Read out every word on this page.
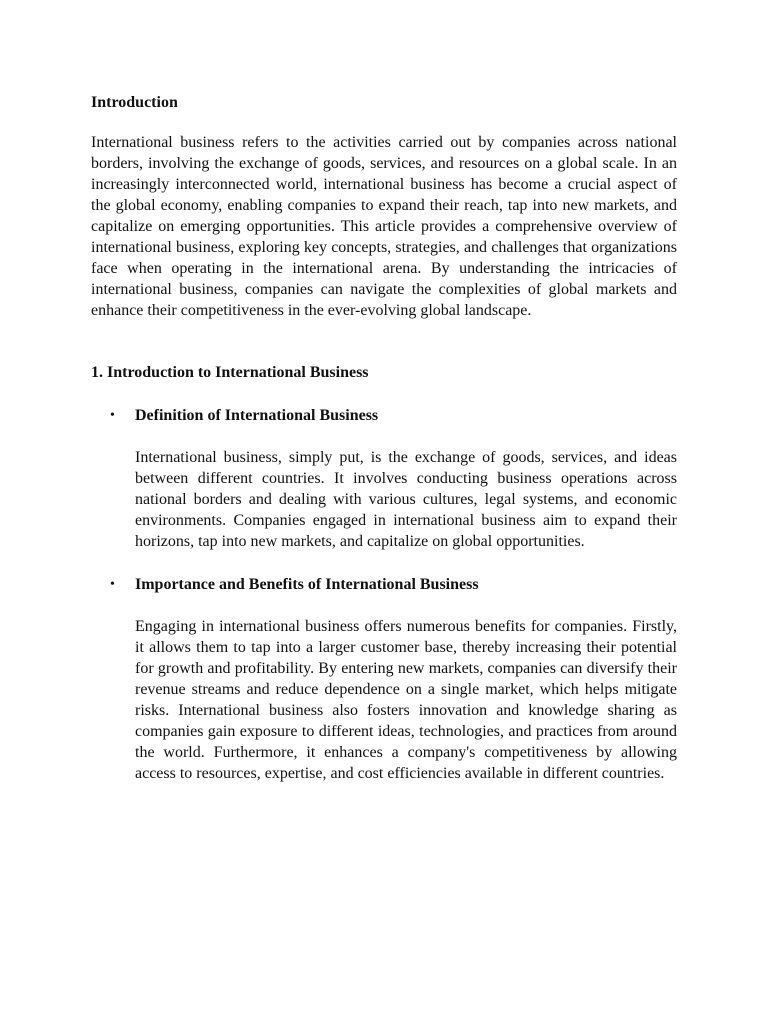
Introduction

International business refers to the activities carried out by companies across national borders, involving the exchange of goods, services, and resources on a global scale. In an increasingly interconnected world, international business has become a crucial aspect of the global economy, enabling companies to expand their reach, tap into new markets, and capitalize on emerging opportunities. This article provides a comprehensive overview of international business, exploring key concepts, strategies, and challenges that organizations face when operating in the international arena. By understanding the intricacies of international business, companies can navigate the complexities of global markets and enhance their competitiveness in the ever-evolving global landscape.

1. Introduction to International Business
• Definition of International Business

International business, simply put, is the exchange of goods, services, and ideas between different countries. It involves conducting business operations across national borders and dealing with various cultures, legal systems, and economic environments. Companies engaged in international business aim to expand their horizons, tap into new markets, and capitalize on global opportunities.

• Importance and Benefits of International Business

Engaging in international business offers numerous benefits for companies. Firstly, it allows them to tap into a larger customer base, thereby increasing their potential for growth and profitability. By entering new markets, companies can diversify their revenue streams and reduce dependence on a single market, which helps mitigate risks. International business also fosters innovation and knowledge sharing as companies gain exposure to different ideas, technologies, and practices from around the world. Furthermore, it enhances a company's competitiveness by allowing access to resources, expertise, and cost efficiencies available in different countries.
